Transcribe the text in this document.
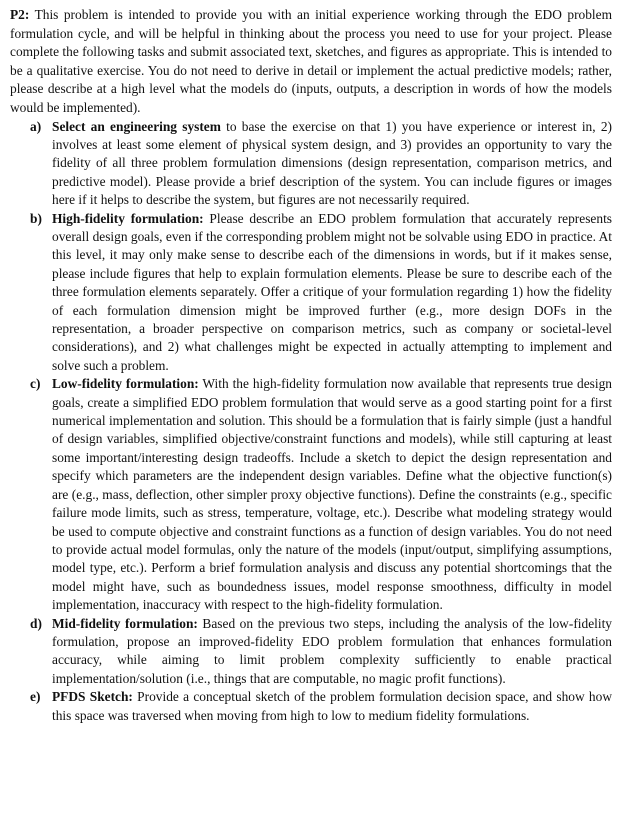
P2: This problem is intended to provide you with an initial experience working through the EDO problem formulation cycle, and will be helpful in thinking about the process you need to use for your project. Please complete the following tasks and submit associated text, sketches, and figures as appropriate. This is intended to be a qualitative exercise. You do not need to derive in detail or implement the actual predictive models; rather, please describe at a high level what the models do (inputs, outputs, a description in words of how the models would be implemented).

a) Select an engineering system to base the exercise on that 1) you have experience or interest in, 2) involves at least some element of physical system design, and 3) provides an opportunity to vary the fidelity of all three problem formulation dimensions (design representation, comparison metrics, and predictive model). Please provide a brief description of the system. You can include figures or images here if it helps to describe the system, but figures are not necessarily required.
b) High-fidelity formulation: Please describe an EDO problem formulation that accurately represents overall design goals, even if the corresponding problem might not be solvable using EDO in practice. At this level, it may only make sense to describe each of the dimensions in words, but if it makes sense, please include figures that help to explain formulation elements. Please be sure to describe each of the three formulation elements separately. Offer a critique of your formulation regarding 1) how the fidelity of each formulation dimension might be improved further (e.g., more design DOFs in the representation, a broader perspective on comparison metrics, such as company or societal-level considerations), and 2) what challenges might be expected in actually attempting to implement and solve such a problem.
c) Low-fidelity formulation: With the high-fidelity formulation now available that represents true design goals, create a simplified EDO problem formulation that would serve as a good starting point for a first numerical implementation and solution. This should be a formulation that is fairly simple (just a handful of design variables, simplified objective/constraint functions and models), while still capturing at least some important/interesting design tradeoffs. Include a sketch to depict the design representation and specify which parameters are the independent design variables. Define what the objective function(s) are (e.g., mass, deflection, other simpler proxy objective functions). Define the constraints (e.g., specific failure mode limits, such as stress, temperature, voltage, etc.). Describe what modeling strategy would be used to compute objective and constraint functions as a function of design variables. You do not need to provide actual model formulas, only the nature of the models (input/output, simplifying assumptions, model type, etc.). Perform a brief formulation analysis and discuss any potential shortcomings that the model might have, such as boundedness issues, model response smoothness, difficulty in model implementation, inaccuracy with respect to the high-fidelity formulation.
d) Mid-fidelity formulation: Based on the previous two steps, including the analysis of the low-fidelity formulation, propose an improved-fidelity EDO problem formulation that enhances formulation accuracy, while aiming to limit problem complexity sufficiently to enable practical implementation/solution (i.e., things that are computable, no magic profit functions).
e) PFDS Sketch: Provide a conceptual sketch of the problem formulation decision space, and show how this space was traversed when moving from high to low to medium fidelity formulations.
